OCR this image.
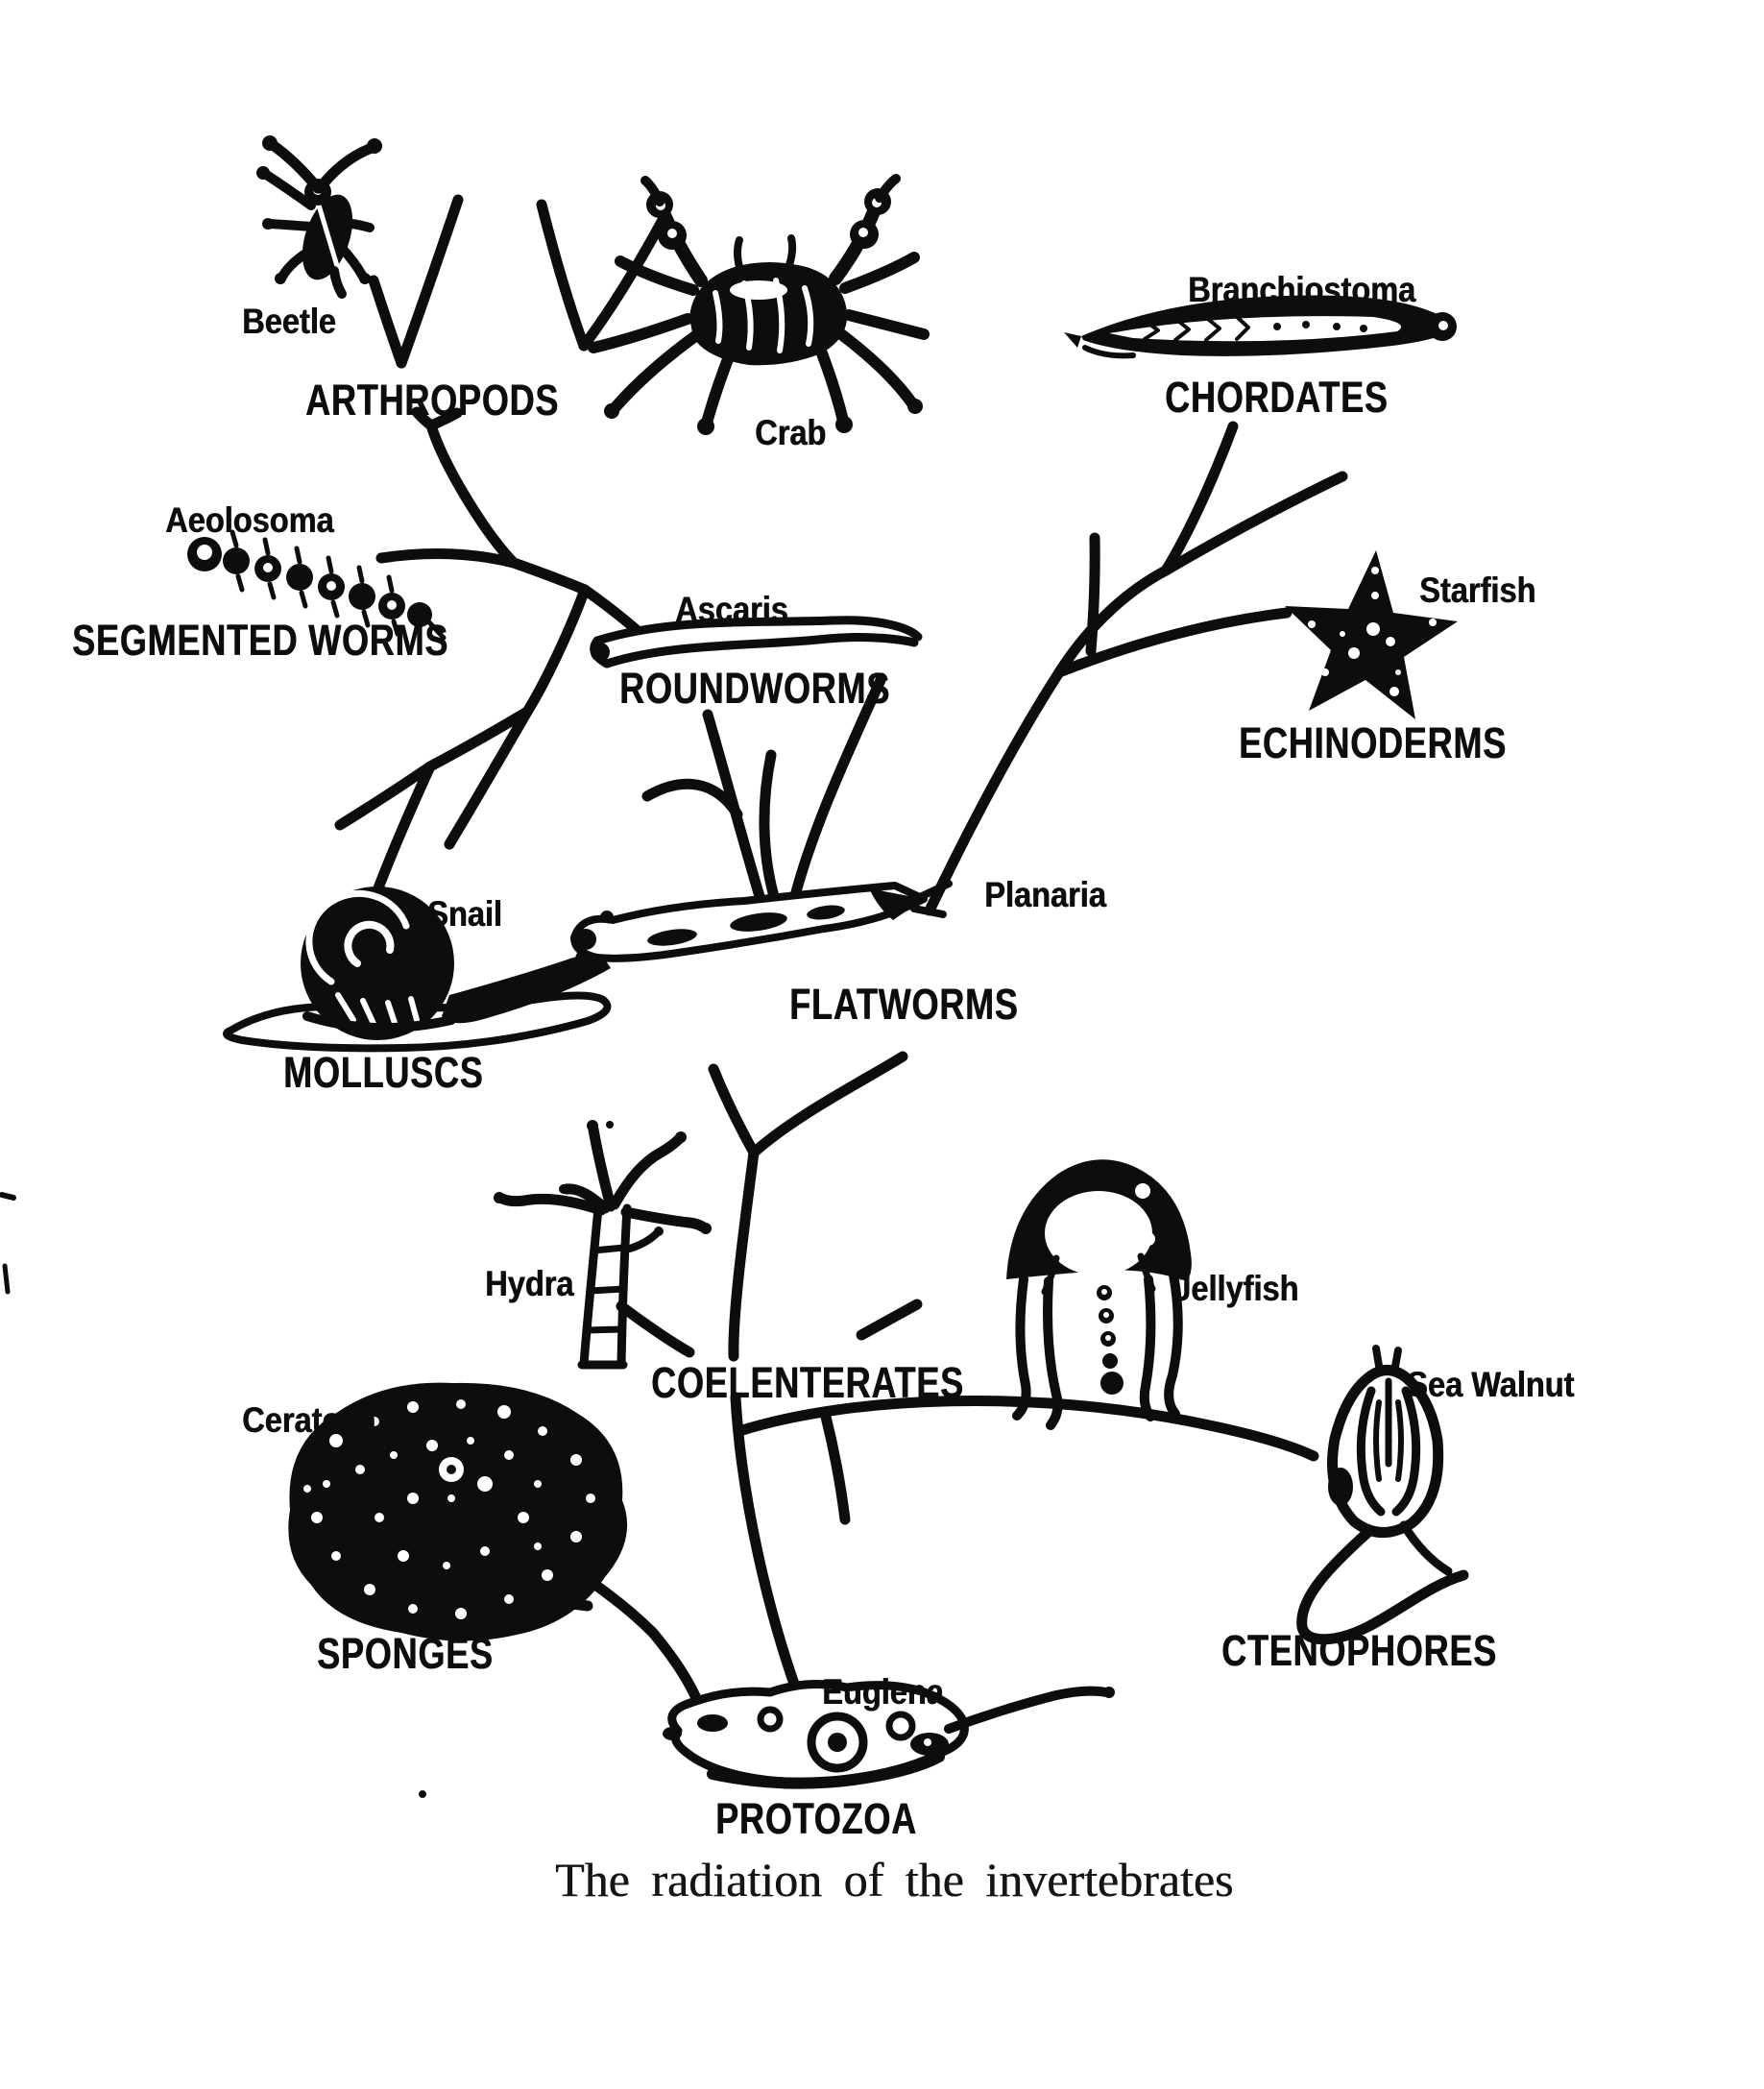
Beetle
ARTHROPODS
Crab
Branchiostoma
CHORDATES
Aeolosoma
SEGMENTED WORMS
Ascaris
ROUNDWORMS
Starfish
ECHINODERMS
Snail	Planaria
MOLLUSCS
FLATWORMS
Hydra	Jellyfish
COELENTERATES
Ceratosa
Sea Walnut
SPONGES	CTENOPHORES
Euglena
PROTOZOA
The radiation of the invertebrates
